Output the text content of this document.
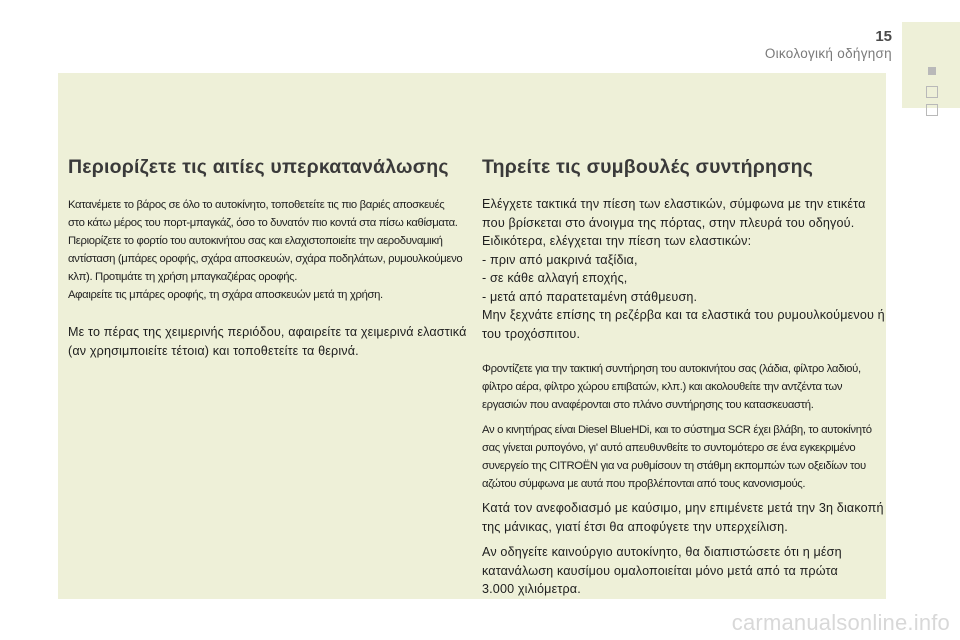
15
Οικολογική οδήγηση
Περιορίζετε τις αιτίες υπερκατανάλωσης

Κατανέμετε το βάρος σε όλο το αυτοκίνητο, τοποθετείτε τις πιο βαριές αποσκευές
στο κάτω μέρος του πορτ-μπαγκάζ, όσο το δυνατόν πιο κοντά στα πίσω καθίσματα.
Περιορίζετε το φορτίο του αυτοκινήτου σας και ελαχιστοποιείτε την αεροδυναμική
αντίσταση (μπάρες οροφής, σχάρα αποσκευών, σχάρα ποδηλάτων, ρυμουλκούμενο
κλπ). Προτιμάτε τη χρήση μπαγκαζιέρας οροφής.
Αφαιρείτε τις μπάρες οροφής, τη σχάρα αποσκευών μετά τη χρήση.

Με το πέρας της χειμερινής περιόδου, αφαιρείτε τα χειμερινά ελαστικά
(αν χρησιμποιείτε τέτοια) και τοποθετείτε τα θερινά.

Τηρείτε τις συμβουλές συντήρησης

Ελέγχετε τακτικά την πίεση των ελαστικών, σύμφωνα με την ετικέτα
που βρίσκεται στο άνοιγμα της πόρτας, στην πλευρά του οδηγού.
Ειδικότερα, ελέγχεται την πίεση των ελαστικών:
- πριν από μακρινά ταξίδια,
- σε κάθε αλλαγή εποχής,
- μετά από παρατεταμένη στάθμευση.
Μην ξεχνάτε επίσης τη ρεζέρβα και τα ελαστικά του ρυμουλκούμενου ή
του τροχόσπιτου.

Φροντίζετε για την τακτική συντήρηση του αυτοκινήτου σας (λάδια, φίλτρο λαδιού,
φίλτρο αέρα, φίλτρο χώρου επιβατών, κλπ.) και ακολουθείτε την αντζέντα των
εργασιών που αναφέρονται στο πλάνο συντήρησης του κατασκευαστή.

Αν ο κινητήρας είναι Diesel BlueHDi, και το σύστημα SCR έχει βλάβη, το αυτοκίνητό
σας γίνεται ρυπογόνο, γι' αυτό απευθυνθείτε το συντομότερο σε ένα εγκεκριμένο
συνεργείο της CITROËN για να ρυθμίσουν τη στάθμη εκπομπών των οξειδίων του
αζώτου σύμφωνα με αυτά που προβλέπονται από τους κανονισμούς.

Κατά τον ανεφοδιασμό με καύσιμο, μην επιμένετε μετά την 3η διακοπή
της μάνικας, γιατί έτσι θα αποφύγετε την υπερχείλιση.

Αν οδηγείτε καινούργιο αυτοκίνητο, θα διαπιστώσετε ότι η μέση
κατανάλωση καυσίμου ομαλοποιείται μόνο μετά από τα πρώτα
3.000 χιλιόμετρα.

carmanualsonline.info
